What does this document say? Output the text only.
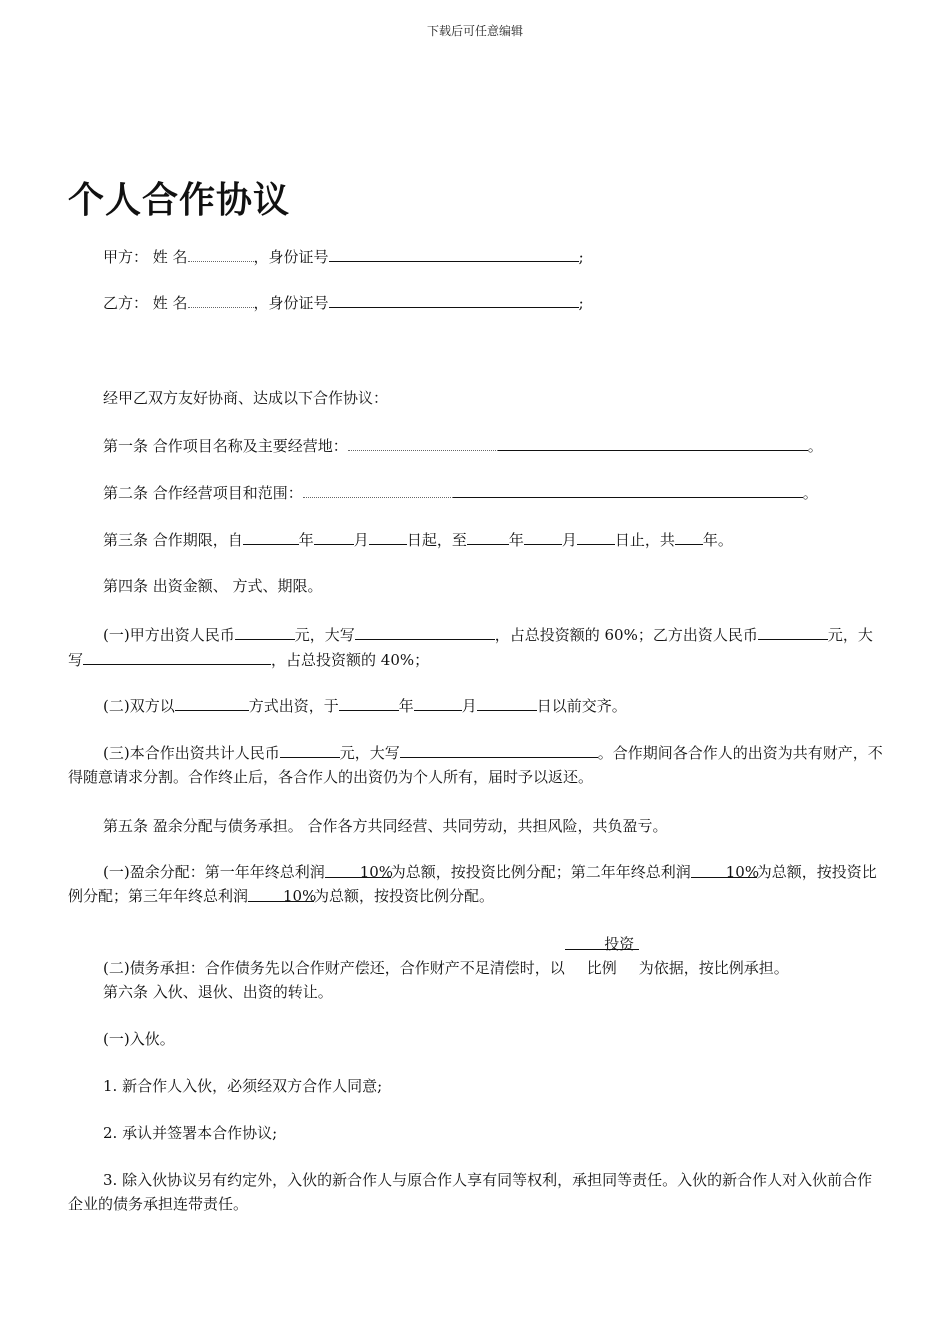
下载后可任意编辑
个人合作协议
甲方： 姓 名	，身份证号	;
乙方： 姓 名	，身份证号	;
经甲乙双方友好协商、达成以下合作协议：
第一条 合作项目名称及主要经营地：	。
第二条 合作经营项目和范围：	。
第三条 合作期限，自	年	月	日起，至	年	月	日止，共 年。
第四条 出资金额、 方式、期限。
(一)甲方出资人民币	元，大写	，占总投资额的 60%；乙方出资人民币	元，大写	，占总投资额的 40%；
(二)双方以	方式出资，于	年	月	日以前交齐。
(三)本合作出资共计人民币	元，大写	。合作期间各合作人的出资为共有财产，不得随意请求分割。合作终止后，各合作人的出资仍为个人所有，届时予以返还。
第五条 盈余分配与债务承担。 合作各方共同经营、共同劳动，共担风险，共负盈亏。
(一)盈余分配：第一年年终总利润 10%为总额，按投资比例分配；第二年年终总利润 10%为总额，按投资比例分配；第三年年终总利润 10%为总额，按投资比例分配。
(二)债务承担：合作债务先以合作财产偿还，合作财产不足清偿时，以投资比例 为依据，按比例承担。
第六条 入伙、退伙、出资的转让。
(一)入伙。
1. 新合作人入伙，必须经双方合作人同意;
2. 承认并签署本合作协议;
3. 除入伙协议另有约定外，入伙的新合作人与原合作人享有同等权利，承担同等责任。入伙的新合作人对入伙前合作企业的债务承担连带责任。
